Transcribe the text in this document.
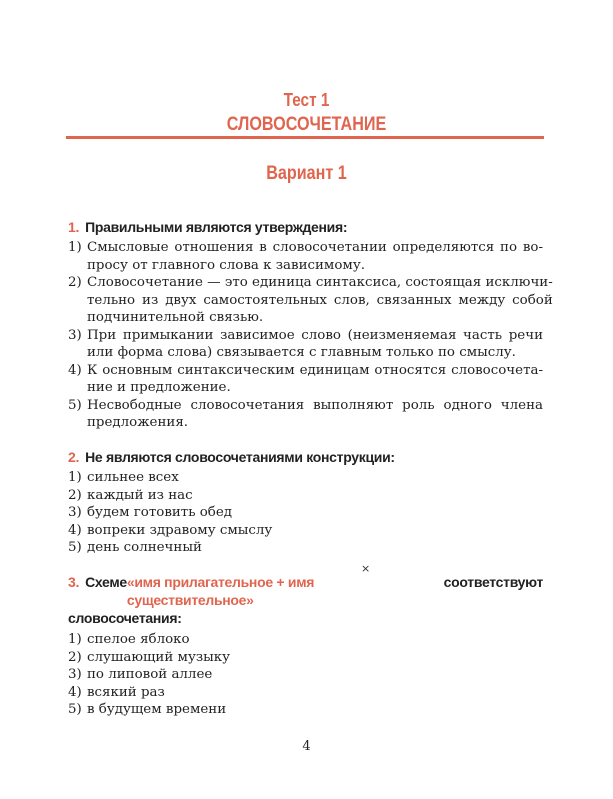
Тест 1
СЛОВОСОЧЕТАНИЕ
Вариант 1
1. Правильными являются утверждения:
1) Смысловые отношения в словосочетании определяются по во-
просу от главного слова к зависимому.
2) Словосочетание — это единица синтаксиса, состоящая исключи-
тельно из двух самостоятельных слов, связанных между собой
подчинительной связью.
3) При примыкании зависимое слово (неизменяемая часть речи
или форма слова) связывается с главным только по смыслу.
4) К основным синтаксическим единицам относятся словосочета-
ние и предложение.
5) Несвободные словосочетания выполняют роль одного члена
предложения.
2. Не являются словосочетаниями конструкции:
1) сильнее всех
2) каждый из нас
3) будем готовить обед
4) вопреки здравому смыслу
5) день солнечный
×
3. Схеме «имя прилагательное + имя существительное»
соответствуют
словосочетания:
1) спелое яблоко
2) слушающий музыку
3) по липовой аллее
4) всякий раз
5) в будущем времени
4
